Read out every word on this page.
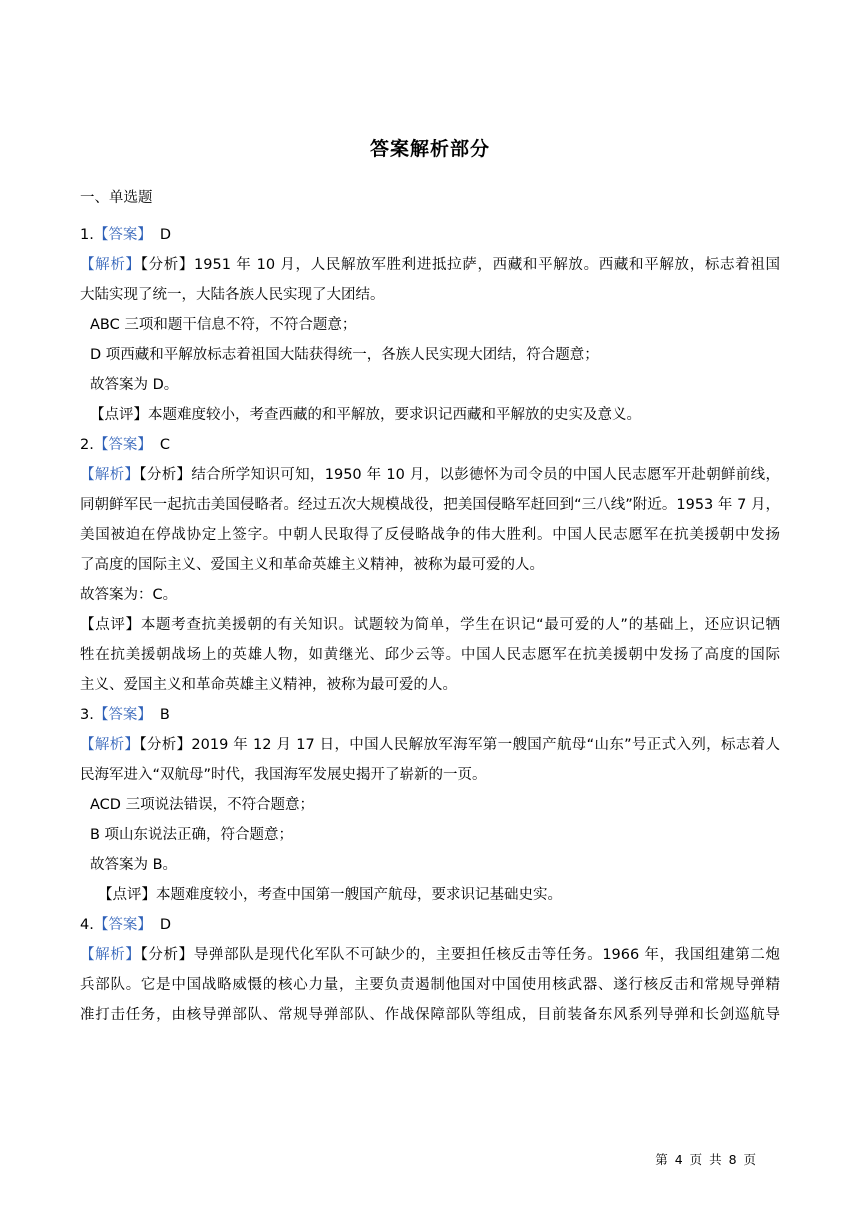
答案解析部分
一、单选题
1.【答案】 D
【解析】【分析】1951 年 10 月，人民解放军胜利进抵拉萨，西藏和平解放。西藏和平解放，标志着祖国
大陆实现了统一，大陆各族人民实现了大团结。
ABC 三项和题干信息不符，不符合题意；
D 项西藏和平解放标志着祖国大陆获得统一，各族人民实现大团结，符合题意；
故答案为 D。
【点评】本题难度较小，考查西藏的和平解放，要求识记西藏和平解放的史实及意义。
2.【答案】 C
【解析】【分析】结合所学知识可知，1950 年 10 月，以彭德怀为司令员的中国人民志愿军开赴朝鲜前线，
同朝鲜军民一起抗击美国侵略者。经过五次大规模战役，把美国侵略军赶回到“三八线”附近。1953 年 7 月，
美国被迫在停战协定上签字。中朝人民取得了反侵略战争的伟大胜利。中国人民志愿军在抗美援朝中发扬
了高度的国际主义、爱国主义和革命英雄主义精神，被称为最可爱的人。
故答案为：C。
【点评】本题考查抗美援朝的有关知识。试题较为简单，学生在识记“最可爱的人”的基础上，还应识记牺
牲在抗美援朝战场上的英雄人物，如黄继光、邱少云等。中国人民志愿军在抗美援朝中发扬了高度的国际
主义、爱国主义和革命英雄主义精神，被称为最可爱的人。
3.【答案】 B
【解析】【分析】2019 年 12 月 17 日，中国人民解放军海军第一艘国产航母“山东”号正式入列，标志着人
民海军进入“双航母”时代，我国海军发展史揭开了崭新的一页。
ACD 三项说法错误，不符合题意；
B 项山东说法正确，符合题意；
故答案为 B。
【点评】本题难度较小，考查中国第一艘国产航母，要求识记基础史实。
4.【答案】 D
【解析】【分析】导弹部队是现代化军队不可缺少的，主要担任核反击等任务。1966 年，我国组建第二炮
兵部队。它是中国战略威慑的核心力量，主要负责遏制他国对中国使用核武器、遂行核反击和常规导弹精
准打击任务，由核导弹部队、常规导弹部队、作战保障部队等组成，目前装备东风系列导弹和长剑巡航导
第 4 页 共 8 页
